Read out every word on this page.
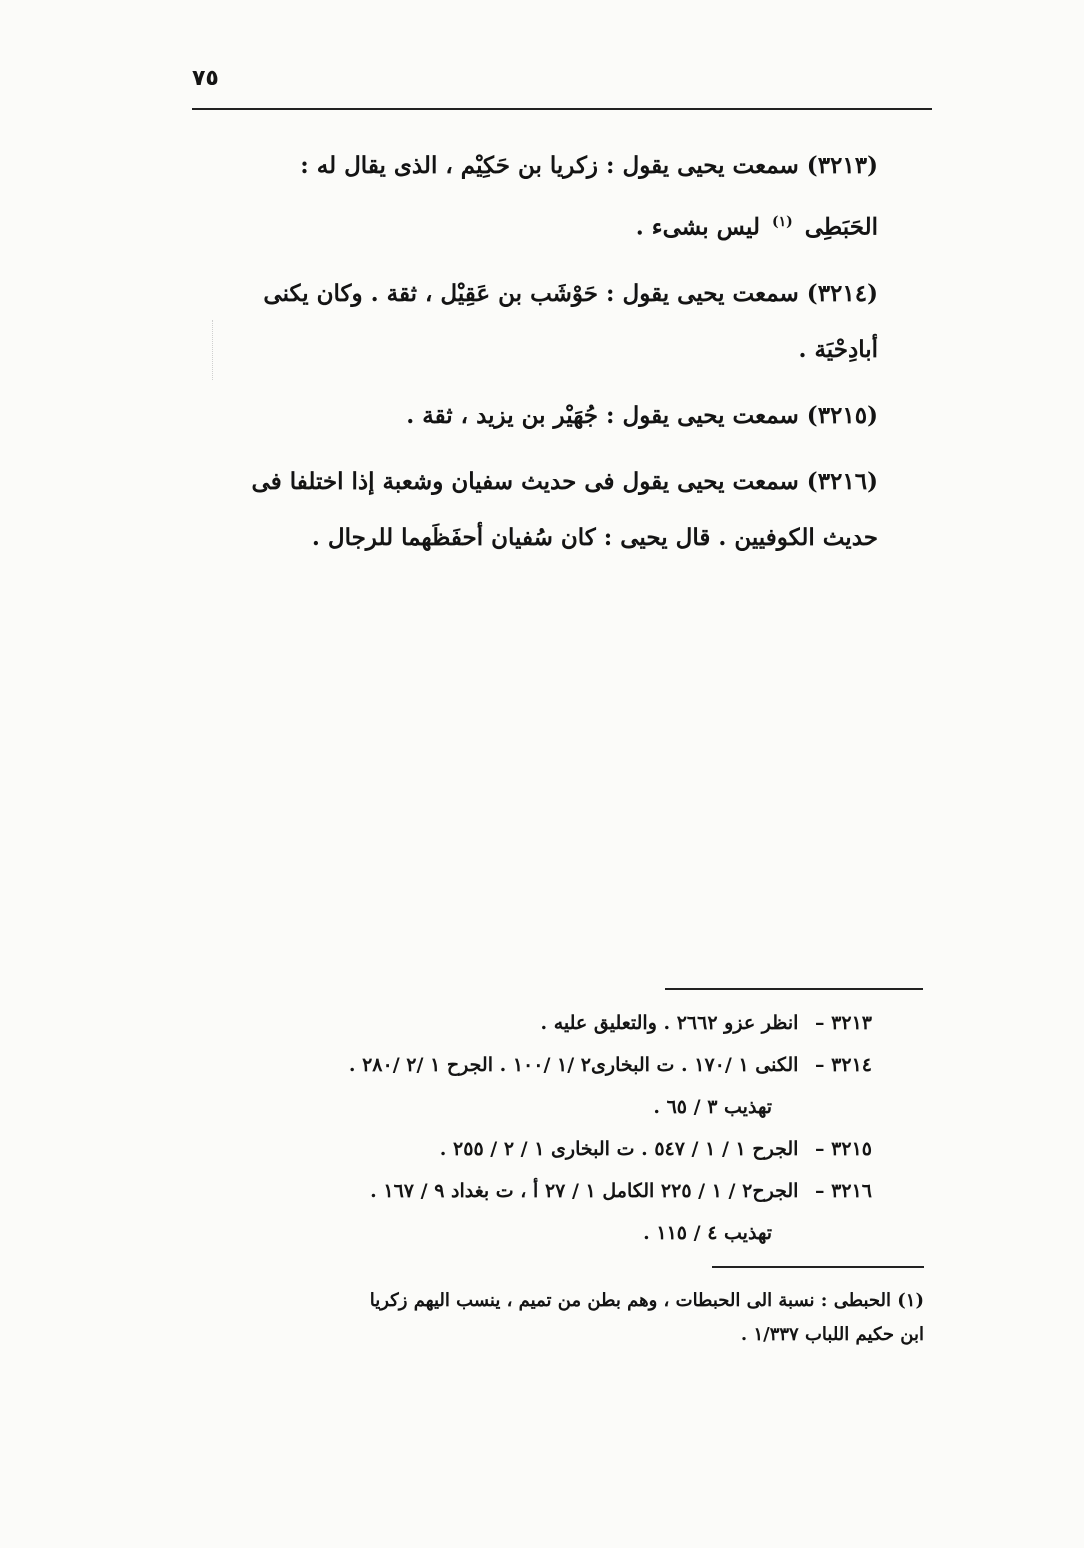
٧٥

(٣٢١٣) سمعت يحيى يقول : زكريا بن حَكِيْم ، الذى يقال له :
الحَبَطِى $^{(١)}$ ليس بشىء .

(٣٢١٤) سمعت يحيى يقول : حَوْشَب بن عَقِيْل ، ثقة . وكان يكنى
أبادِحْيَة .

(٣٢١٥) سمعت يحيى يقول : جُهَيْر بن يزيد ، ثقة .

(٣٢١٦) سمعت يحيى يقول فى حديث سفيان وشعبة إذا اختلفا فى
حديث الكوفيين . قال يحيى : كان سُفيان أحفَظَهما للرجال .

٣٢١٣ – انظر عزو ٢٦٦٢ . والتعليق عليه .

٣٢١٤ – الكنى ١ /١٧٠ . ت البخارى٢ /١ /١٠٠ . الجرح ١ /٢ /٢٨٠ .
تهذيب ٣ / ٦٥ .

٣٢١٥ – الجرح ١ / ١ / ٥٤٧ . ت البخارى ١ / ٢ / ٢٥٥ .

٣٢١٦ – الجرح٢ / ١ / ٢٢٥ الكامل ١ / ٢٧ أ ، ت بغداد ٩ / ١٦٧ .
تهذيب ٤ / ١١٥ .

(١) الحبطى : نسبة الى الحبطات ، وهم بطن من تميم ، ينسب اليهم زكريا
ابن حكيم اللباب ١/٣٣٧ .
